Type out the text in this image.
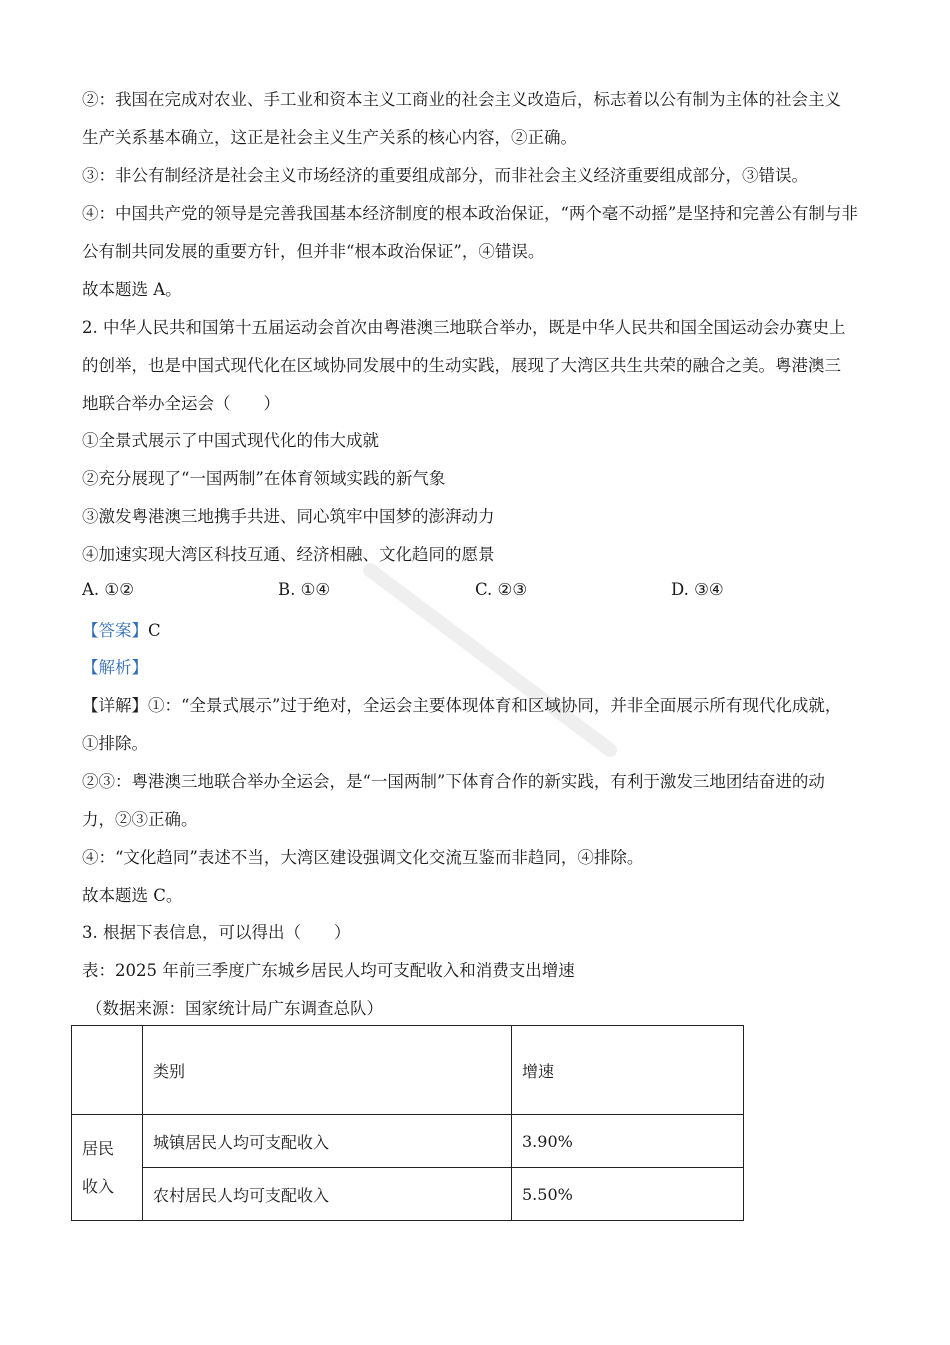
②：我国在完成对农业、手工业和资本主义工商业的社会主义改造后，标志着以公有制为主体的社会主义
生产关系基本确立，这正是社会主义生产关系的核心内容，②正确。
③：非公有制经济是社会主义市场经济的重要组成部分，而非社会主义经济重要组成部分，③错误。
④：中国共产党的领导是完善我国基本经济制度的根本政治保证，“两个毫不动摇”是坚持和完善公有制与非
公有制共同发展的重要方针，但并非“根本政治保证”，④错误。
故本题选 A。
2. 中华人民共和国第十五届运动会首次由粤港澳三地联合举办，既是中华人民共和国全国运动会办赛史上
的创举，也是中国式现代化在区域协同发展中的生动实践，展现了大湾区共生共荣的融合之美。粤港澳三
地联合举办全运会（　　）
①全景式展示了中国式现代化的伟大成就
②充分展现了“一国两制”在体育领域实践的新气象
③激发粤港澳三地携手共进、同心筑牢中国梦的澎湃动力
④加速实现大湾区科技互通、经济相融、文化趋同的愿景
A. ①②	B. ①④	C. ②③	D. ③④
【答案】C
【解析】
【详解】①：“全景式展示”过于绝对，全运会主要体现体育和区域协同，并非全面展示所有现代化成就，
①排除。
②③：粤港澳三地联合举办全运会，是“一国两制”下体育合作的新实践，有利于激发三地团结奋进的动
力，②③正确。
④：“文化趋同”表述不当，大湾区建设强调文化交流互鉴而非趋同，④排除。
故本题选 C。
3. 根据下表信息，可以得出（　　）
表：2025 年前三季度广东城乡居民人均可支配收入和消费支出增速
（数据来源：国家统计局广东调查总队）
	类别	增速

居民
收入	城镇居民人均可支配收入	3.90%
	农村居民人均可支配收入	5.50%
